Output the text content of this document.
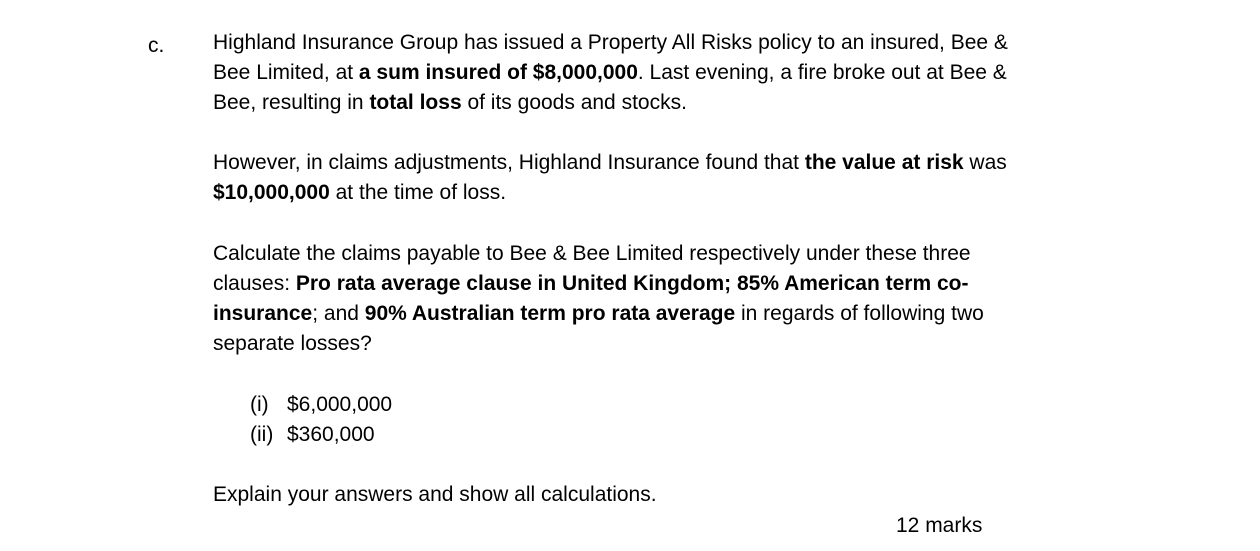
c. Highland Insurance Group has issued a Property All Risks policy to an insured, Bee & Bee Limited, at a sum insured of $8,000,000. Last evening, a fire broke out at Bee & Bee, resulting in total loss of its goods and stocks.

However, in claims adjustments, Highland Insurance found that the value at risk was $10,000,000 at the time of loss.

Calculate the claims payable to Bee & Bee Limited respectively under these three clauses: Pro rata average clause in United Kingdom; 85% American term co-insurance; and 90% Australian term pro rata average in regards of following two separate losses?

(i) $6,000,000
(ii) $360,000

Explain your answers and show all calculations.

12 marks
